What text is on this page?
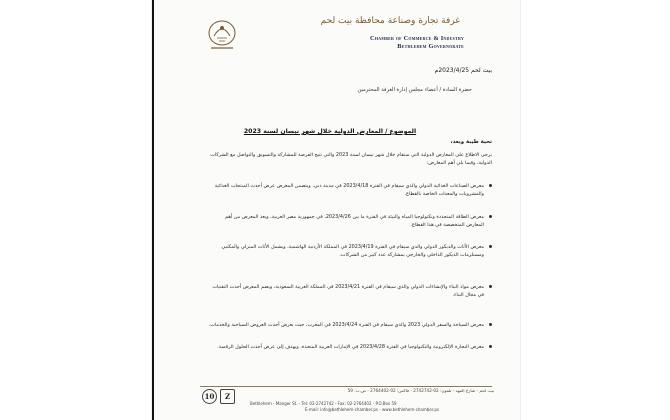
غرفة تجارة وصناعة محافظة بيت لحم
Chamber of Commerce & Industry
Bethlehem Governorate
بيت لحم 2023/4/25م
حضرة السادة / أعضاء مجلس إدارة الغرفة المحترمين
الموضوع / المعارض الدولية خلال شهر نيسان لسنة 2023
تحية طيبة وبعد،
يرجى الاطلاع على المعارض الدولية التي ستقام خلال شهر نيسان لسنة 2023 والتي تتيح الفرصة للمشاركة والتسويق والتواصل مع الشركات الدولية، وفيما يلي أهم المعارض:
معرض الصناعات الغذائية الدولي والذي سيقام في الفترة 2023/4/18 في مدينة دبي، ويتضمن المعرض عرض أحدث المنتجات الغذائية والمشروبات والمعدات الخاصة بالقطاع.
معرض الطاقة المتجددة وتكنولوجيا المياه والبيئة في الفترة ما بين 2023/4/26، في جمهورية مصر العربية، ويعد المعرض من أهم المعارض المتخصصة في هذا القطاع.
معرض الأثاث والديكور الدولي والذي سيقام في الفترة 2023/4/19 في المملكة الأردنية الهاشمية، ويشمل الأثاث المنزلي والمكتبي ومستلزمات الديكور الداخلي والخارجي بمشاركة عدد كبير من الشركات.
معرض مواد البناء والإنشاءات الدولي والذي سيقام في الفترة 2023/4/21 في المملكة العربية السعودية، ويضم المعرض أحدث التقنيات في مجال البناء.
معرض السياحة والسفر الدولي 2023 والذي سيقام في الفترة 2023/4/24 في المغرب، حيث يعرض أحدث العروض السياحية والخدمات.
معرض التجارة الإلكترونية والتكنولوجيا في الفترة 2023/4/28 في الإمارات العربية المتحدة، ويهدف إلى عرض أحدث الحلول الرقمية.
10	Z
بيت لحم - شارع المهد - تلفون: 02-2742742 - فاكس: 02-2764402 - ص.ب: 59
Bethlehem - Manger St. - Tel: 02-2742742 - Fax: 02-2764402 - P.O.Box 59
E-mail: info@bethlehem-chamber.ps - www.bethlehem-chamber.ps
